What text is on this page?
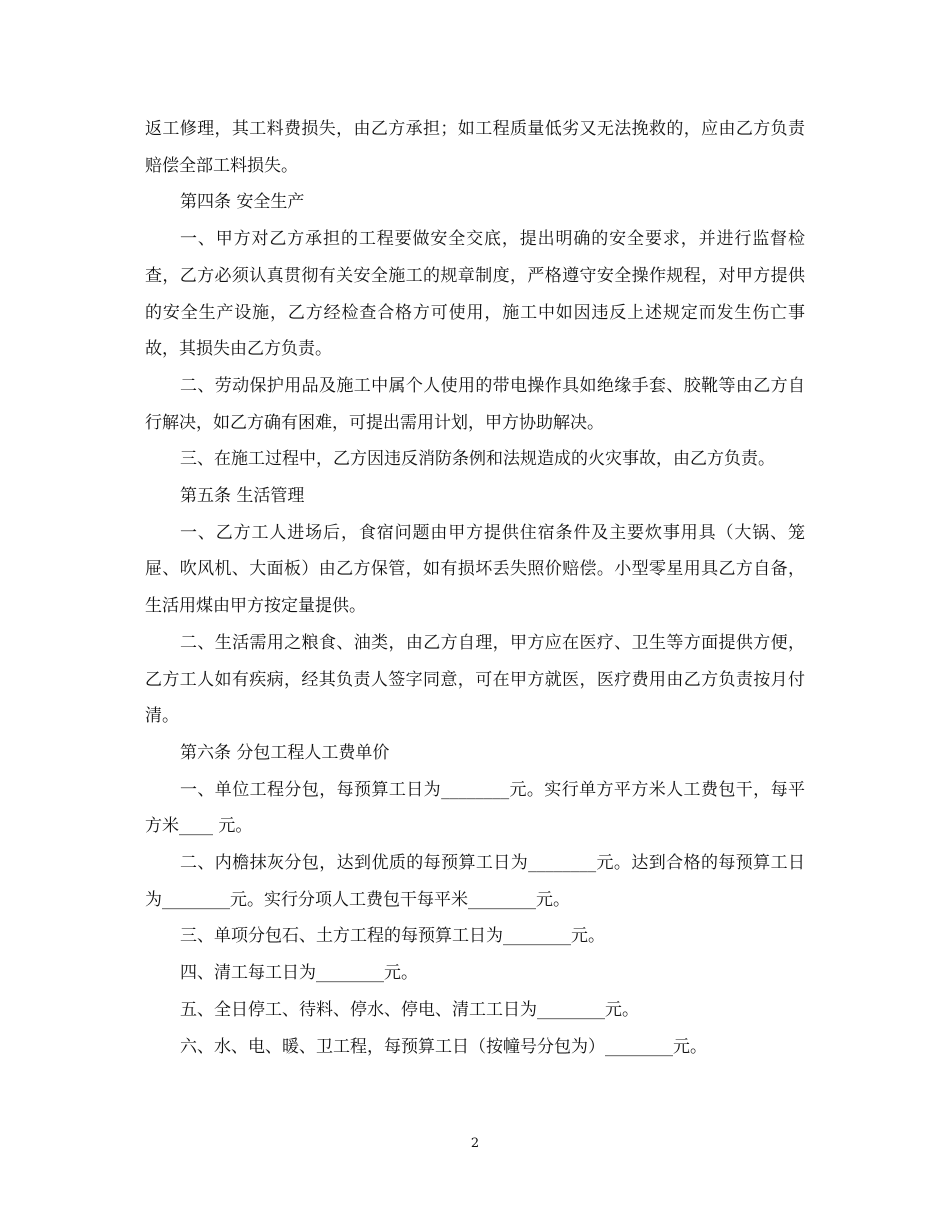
返工修理，其工料费损失，由乙方承担；如工程质量低劣又无法挽救的，应由乙方负责赔偿全部工料损失。

第四条 安全生产

一、甲方对乙方承担的工程要做安全交底，提出明确的安全要求，并进行监督检查，乙方必须认真贯彻有关安全施工的规章制度，严格遵守安全操作规程，对甲方提供的安全生产设施，乙方经检查合格方可使用，施工中如因违反上述规定而发生伤亡事故，其损失由乙方负责。

二、劳动保护用品及施工中属个人使用的带电操作具如绝缘手套、胶靴等由乙方自行解决，如乙方确有困难，可提出需用计划，甲方协助解决。

三、在施工过程中，乙方因违反消防条例和法规造成的火灾事故，由乙方负责。

第五条 生活管理

一、乙方工人进场后，食宿问题由甲方提供住宿条件及主要炊事用具（大锅、笼屉、吹风机、大面板）由乙方保管，如有损坏丢失照价赔偿。小型零星用具乙方自备，生活用煤由甲方按定量提供。

二、生活需用之粮食、油类，由乙方自理，甲方应在医疗、卫生等方面提供方便，乙方工人如有疾病，经其负责人签字同意，可在甲方就医，医疗费用由乙方负责按月付清。

第六条 分包工程人工费单价

一、单位工程分包，每预算工日为________元。实行单方平方米人工费包干，每平方米____ 元。

二、内檐抹灰分包，达到优质的每预算工日为________元。达到合格的每预算工日为________元。实行分项人工费包干每平米________元。

三、单项分包石、土方工程的每预算工日为________元。

四、清工每工日为________元。

五、全日停工、待料、停水、停电、清工工日为________元。

六、水、电、暖、卫工程，每预算工日（按幢号分包为）________元。

2
